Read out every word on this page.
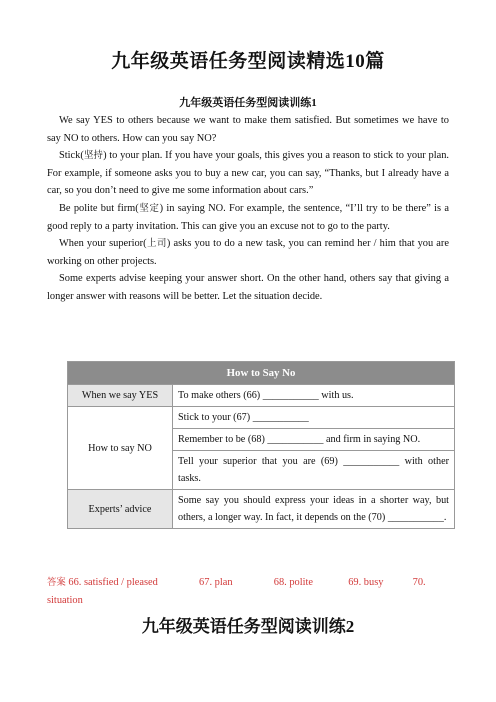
九年级英语任务型阅读精选10篇
九年级英语任务型阅读训练1

We say YES to others because we want to make them satisfied. But sometimes we have to say NO to others. How can you say NO?

Stick(坚持) to your plan. If you have your goals, this gives you a reason to stick to your plan. For example, if someone asks you to buy a new car, you can say, “Thanks, but I already have a car, so you don’t need to give me some information about cars.”

Be polite but firm(坚定) in saying NO. For example, the sentence, “I’ll try to be there” is a good reply to a party invitation. This can give you an excuse not to go to the party.

When your superior(上司) asks you to do a new task, you can remind her / him that you are working on other projects.

Some experts advise keeping your answer short. On the other hand, others say that giving a longer answer with reasons will be better. Let the situation decide.

How to Say No	
When we say YES	To make others (66) ___________ with us.
How to say NO	Stick to your (67) ___________
	Remember to be (68) ___________ and firm in saying NO.
	Tell your superior that you are (69) ___________ with other tasks.
Experts’ advice	Some say you should express your ideas in a shorter way, but others, a longer way. In fact, it depends on the (70) ___________.
答案 66. satisfied / pleased	67. plan	68. polite	69. busy	70. situation
九年级英语任务型阅读训练2
